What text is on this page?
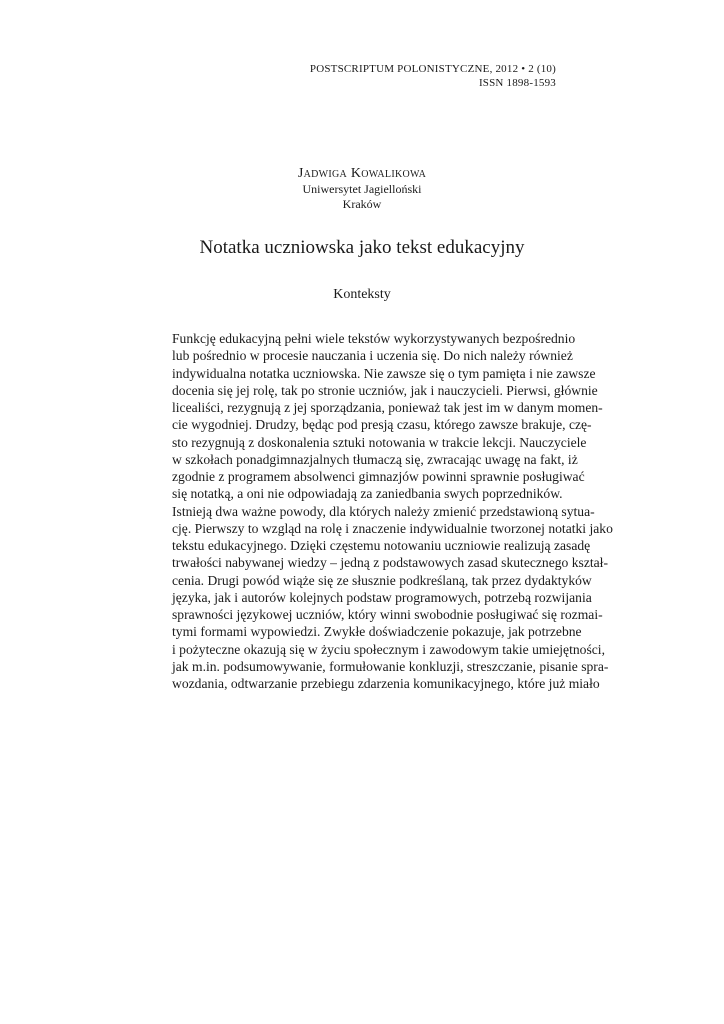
POSTSCRIPTUM POLONISTYCZNE, 2012 • 2 (10)
ISSN 1898-1593
Jadwiga Kowalikowa
Uniwersytet Jagielloński
Kraków
Notatka uczniowska jako tekst edukacyjny
Konteksty

Funkcję edukacyjną pełni wiele tekstów wykorzystywanych bezpośrednio
lub pośrednio w procesie nauczania i uczenia się. Do nich należy również
indywidualna notatka uczniowska. Nie zawsze się o tym pamięta i nie zawsze
docenia się jej rolę, tak po stronie uczniów, jak i nauczycieli. Pierwsi, głównie
licealiści, rezygnują z jej sporządzania, ponieważ tak jest im w danym momen-
cie wygodniej. Drudzy, będąc pod presją czasu, którego zawsze brakuje, czę-
sto rezygnują z doskonalenia sztuki notowania w trakcie lekcji. Nauczyciele
w szkołach ponadgimnazjalnych tłumaczą się, zwracając uwagę na fakt, iż
zgodnie z programem absolwenci gimnazjów powinni sprawnie posługiwać
się notatką, a oni nie odpowiadają za zaniedbania swych poprzedników.

Istnieją dwa ważne powody, dla których należy zmienić przedstawioną sytua-
cję. Pierwszy to wzgląd na rolę i znaczenie indywidualnie tworzonej notatki jako
tekstu edukacyjnego. Dzięki częstemu notowaniu uczniowie realizują zasadę
trwałości nabywanej wiedzy – jedną z podstawowych zasad skutecznego kształ-
cenia. Drugi powód wiąże się ze słusznie podkreślaną, tak przez dydaktyków
języka, jak i autorów kolejnych podstaw programowych, potrzebą rozwijania
sprawności językowej uczniów, który winni swobodnie posługiwać się rozmai-
tymi formami wypowiedzi. Zwykłe doświadczenie pokazuje, jak potrzebne
i pożyteczne okazują się w życiu społecznym i zawodowym takie umiejętności,
jak m.in. podsumowywanie, formułowanie konkluzji, streszczanie, pisanie spra-
wozdania, odtwarzanie przebiegu zdarzenia komunikacyjnego, które już miało
